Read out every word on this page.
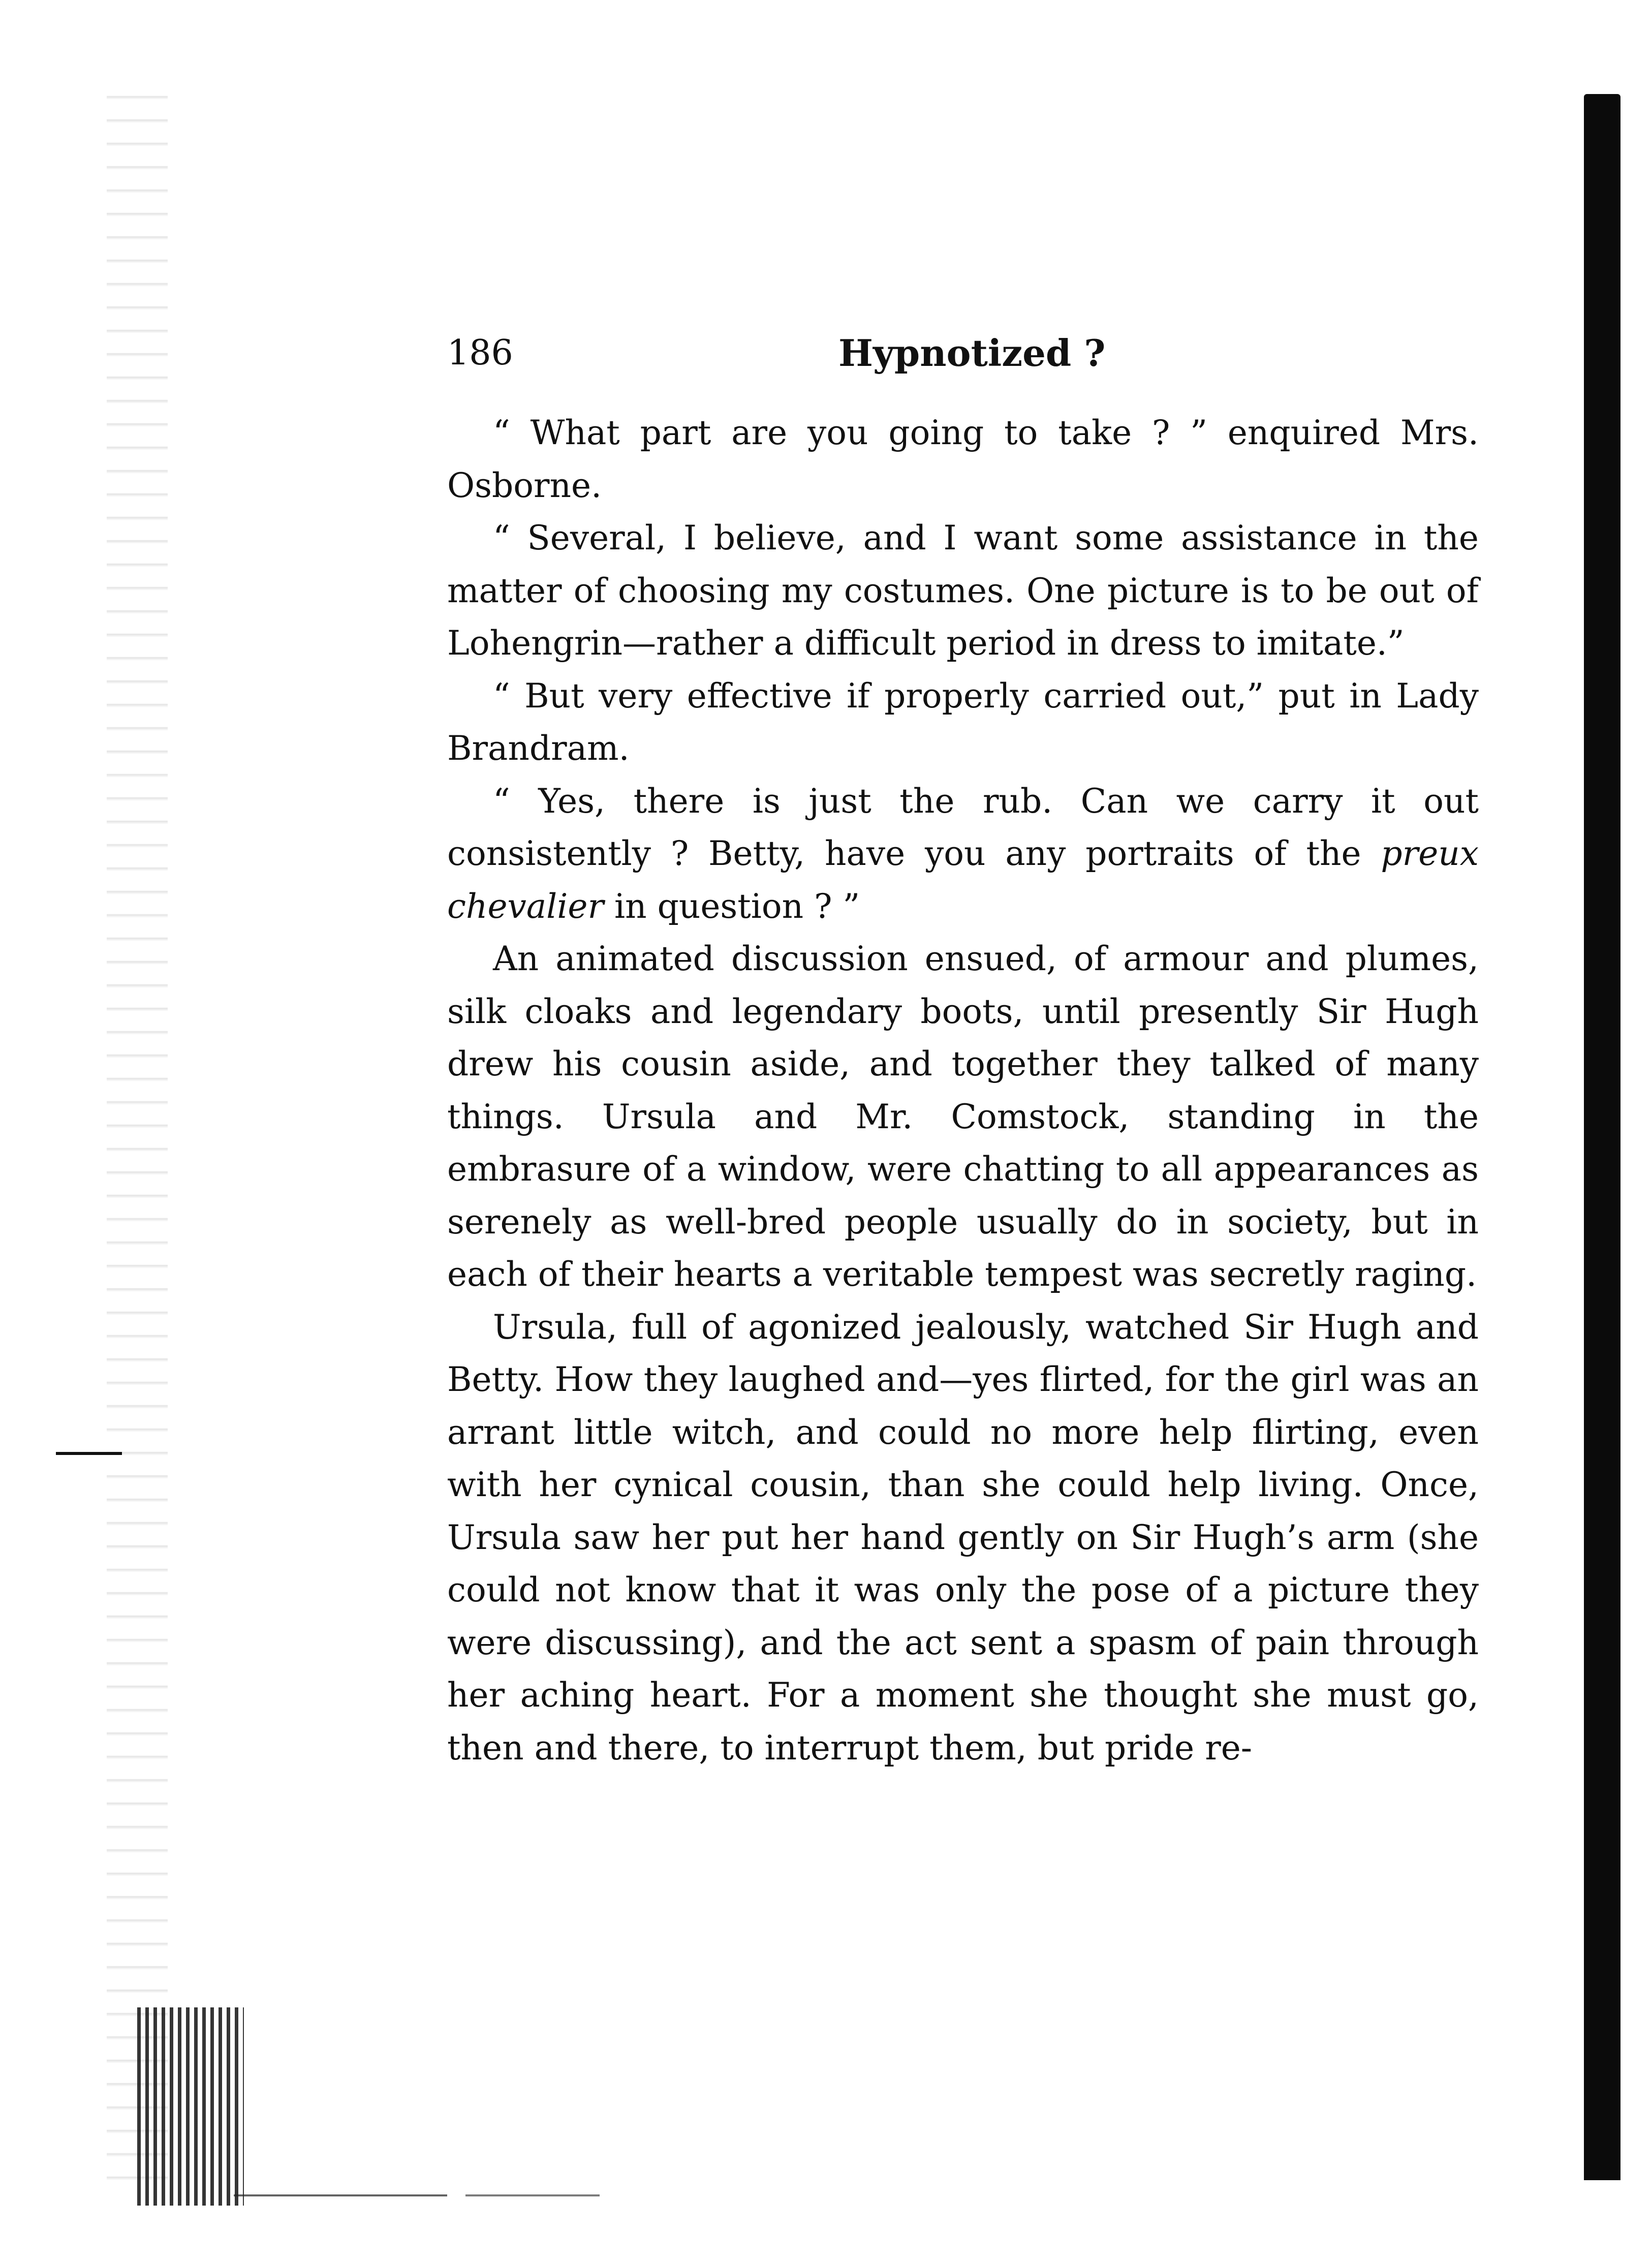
186	Hypnotized ?

“ What part are you going to take ? ” enquired Mrs. Osborne.

“ Several, I believe, and I want some assistance in the matter of choosing my costumes. One picture is to be out of Lohengrin—rather a difficult period in dress to imitate.”

“ But very effective if properly carried out,” put in Lady Brandram.

“ Yes, there is just the rub. Can we carry it out consistently ? Betty, have you any portraits of the preux chevalier in question ? ”

An animated discussion ensued, of armour and plumes, silk cloaks and legendary boots, until presently Sir Hugh drew his cousin aside, and together they talked of many things. Ursula and Mr. Comstock, standing in the embrasure of a window, were chatting to all appearances as serenely as well-bred people usually do in society, but in each of their hearts a veritable tempest was secretly raging.

Ursula, full of agonized jealously, watched Sir Hugh and Betty. How they laughed and—yes flirted, for the girl was an arrant little witch, and could no more help flirting, even with her cynical cousin, than she could help living. Once, Ursula saw her put her hand gently on Sir Hugh’s arm (she could not know that it was only the pose of a picture they were discussing), and the act sent a spasm of pain through her aching heart. For a moment she thought she must go, then and there, to interrupt them, but pride re-
